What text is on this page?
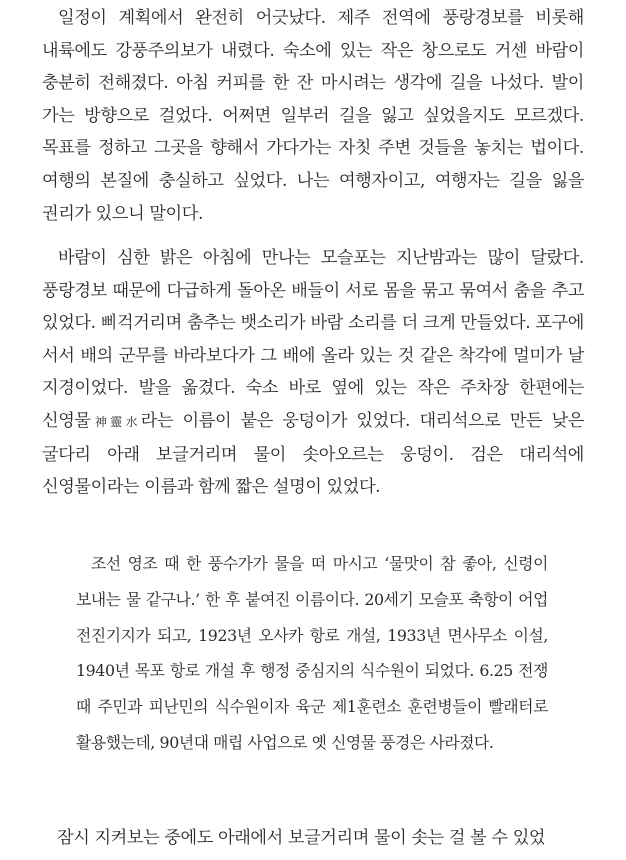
일정이 계획에서 완전히 어긋났다. 제주 전역에 풍랑경보를 비롯해 내륙에도 강풍주의보가 내렸다. 숙소에 있는 작은 창으로도 거센 바람이 충분히 전해졌다. 아침 커피를 한 잔 마시려는 생각에 길을 나섰다. 발이 가는 방향으로 걸었다. 어쩌면 일부러 길을 잃고 싶었을지도 모르겠다. 목표를 정하고 그곳을 향해서 가다가는 자칫 주변 것들을 놓치는 법이다. 여행의 본질에 충실하고 싶었다. 나는 여행자이고, 여행자는 길을 잃을 권리가 있으니 말이다.

바람이 심한 밝은 아침에 만나는 모슬포는 지난밤과는 많이 달랐다. 풍랑경보 때문에 다급하게 돌아온 배들이 서로 몸을 묶고 묶여서 춤을 추고 있었다. 삐걱거리며 춤추는 뱃소리가 바람 소리를 더 크게 만들었다. 포구에 서서 배의 군무를 바라보다가 그 배에 올라 있는 것 같은 착각에 멀미가 날 지경이었다. 발을 옮겼다. 숙소 바로 옆에 있는 작은 주차장 한편에는 신영물神靈水라는 이름이 붙은 웅덩이가 있었다. 대리석으로 만든 낮은 굴다리 아래 보글거리며 물이 솟아오르는 웅덩이. 검은 대리석에 신영물이라는 이름과 함께 짧은 설명이 있었다.

조선 영조 때 한 풍수가가 물을 떠 마시고 ‘물맛이 참 좋아, 신령이 보내는 물 같구나.’ 한 후 붙여진 이름이다. 20세기 모슬포 축항이 어업 전진기지가 되고, 1923년 오사카 항로 개설, 1933년 면사무소 이설, 1940년 목포 항로 개설 후 행정 중심지의 식수원이 되었다. 6.25 전쟁 때 주민과 피난민의 식수원이자 육군 제1훈련소 훈련병들이 빨래터로 활용했는데, 90년대 매립 사업으로 옛 신영물 풍경은 사라졌다.

잠시 지켜보는 중에도 아래에서 보글거리며 물이 솟는 걸 볼 수 있었
